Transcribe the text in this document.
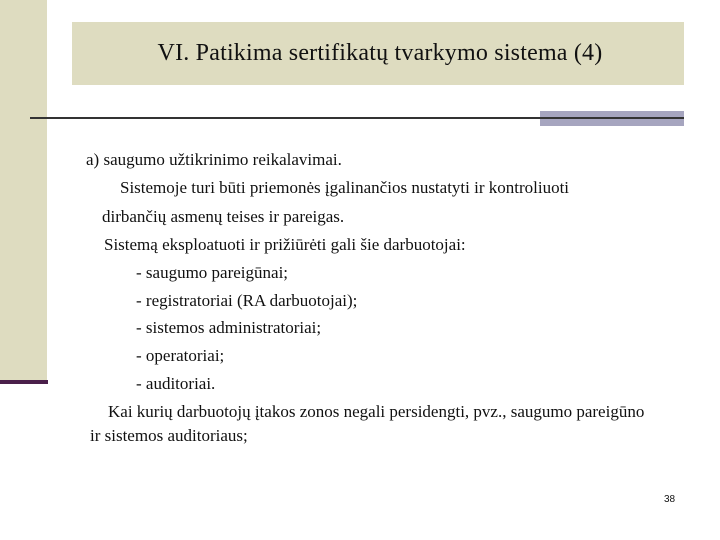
VI. Patikima sertifikatų tvarkymo sistema (4)
a) saugumo užtikrinimo reikalavimai.
Sistemoje turi būti priemonės įgalinančios nustatyti ir kontroliuoti
dirbančių asmenų teises ir pareigas.
Sistemą eksploatuoti ir prižiūrėti gali šie darbuotojai:
- saugumo pareigūnai;
- registratoriai (RA darbuotojai);
- sistemos administratoriai;
- operatoriai;
- auditoriai.
Kai kurių darbuotojų įtakos zonos negali persidengti, pvz., saugumo pareigūno
ir sistemos auditoriaus;
38
